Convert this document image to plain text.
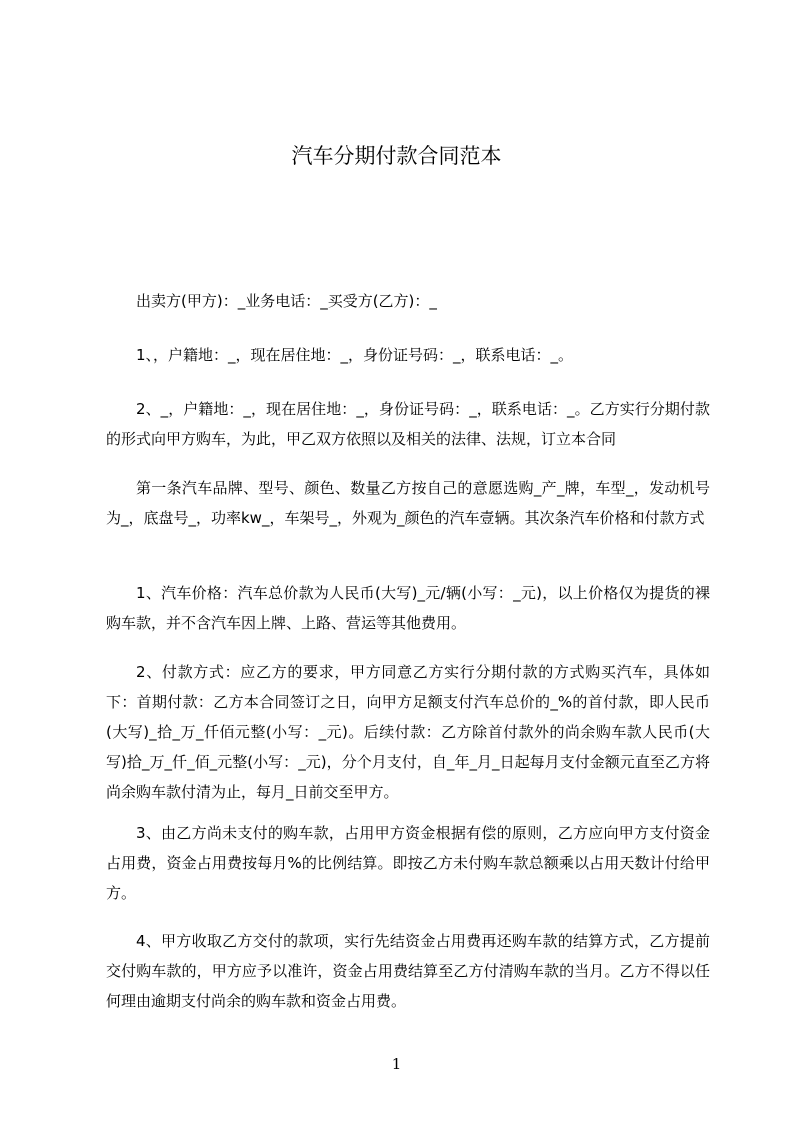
汽车分期付款合同范本

出卖方(甲方)：_业务电话：_买受方(乙方)：_

1、，户籍地：_，现在居住地：_，身份证号码：_，联系电话：_。

2、_，户籍地：_，现在居住地：_，身份证号码：_，联系电话：_。乙方实行分期付款的形式向甲方购车，为此，甲乙双方依照以及相关的法律、法规，订立本合同

第一条汽车品牌、型号、颜色、数量乙方按自己的意愿选购_产_牌，车型_，发动机号为_，底盘号_，功率kw_，车架号_，外观为_颜色的汽车壹辆。其次条汽车价格和付款方式

1、汽车价格：汽车总价款为人民币(大写)_元/辆(小写：_元)，以上价格仅为提货的裸购车款，并不含汽车因上牌、上路、营运等其他费用。

2、付款方式：应乙方的要求，甲方同意乙方实行分期付款的方式购买汽车，具体如下：首期付款：乙方本合同签订之日，向甲方足额支付汽车总价的_%的首付款，即人民币(大写)_拾_万_仟佰元整(小写：_元)。后续付款：乙方除首付款外的尚余购车款人民币(大写)拾_万_仟_佰_元整(小写：_元)，分个月支付，自_年_月_日起每月支付金额元直至乙方将尚余购车款付清为止，每月_日前交至甲方。

3、由乙方尚未支付的购车款，占用甲方资金根据有偿的原则，乙方应向甲方支付资金占用费，资金占用费按每月%的比例结算。即按乙方未付购车款总额乘以占用天数计付给甲方。

4、甲方收取乙方交付的款项，实行先结资金占用费再还购车款的结算方式，乙方提前交付购车款的，甲方应予以准许，资金占用费结算至乙方付清购车款的当月。乙方不得以任何理由逾期支付尚余的购车款和资金占用费。

1
